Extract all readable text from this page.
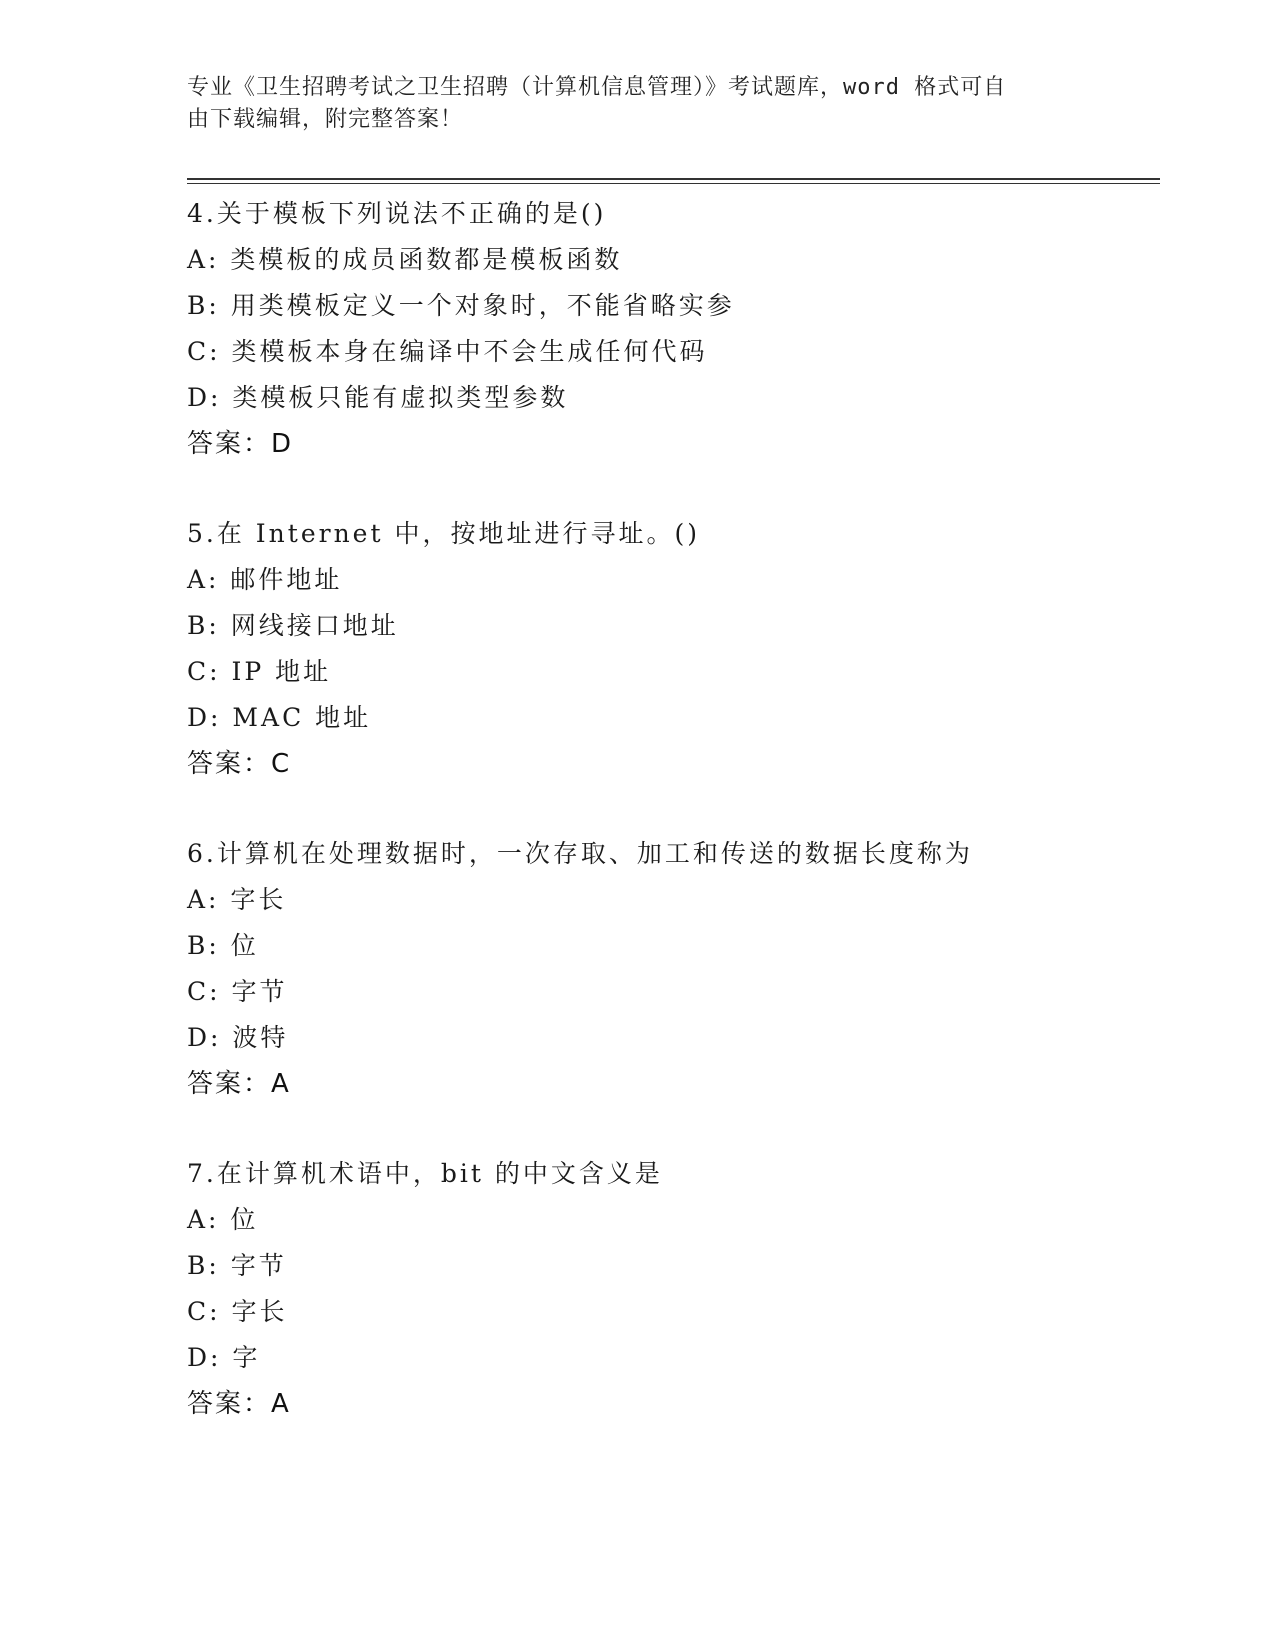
专业《卫生招聘考试之卫生招聘（计算机信息管理）》考试题库，word 格式可自
由下载编辑，附完整答案！
4.关于模板下列说法不正确的是()
A: 类模板的成员函数都是模板函数
B: 用类模板定义一个对象时，不能省略实参
C: 类模板本身在编译中不会生成任何代码
D: 类模板只能有虚拟类型参数
答案：D
5.在 Internet 中，按地址进行寻址。()
A: 邮件地址
B: 网线接口地址
C: IP 地址
D: MAC 地址
答案：C
6.计算机在处理数据时，一次存取、加工和传送的数据长度称为
A: 字长
B: 位
C: 字节
D: 波特
答案：A
7.在计算机术语中，bit 的中文含义是
A: 位
B: 字节
C: 字长
D: 字
答案：A
